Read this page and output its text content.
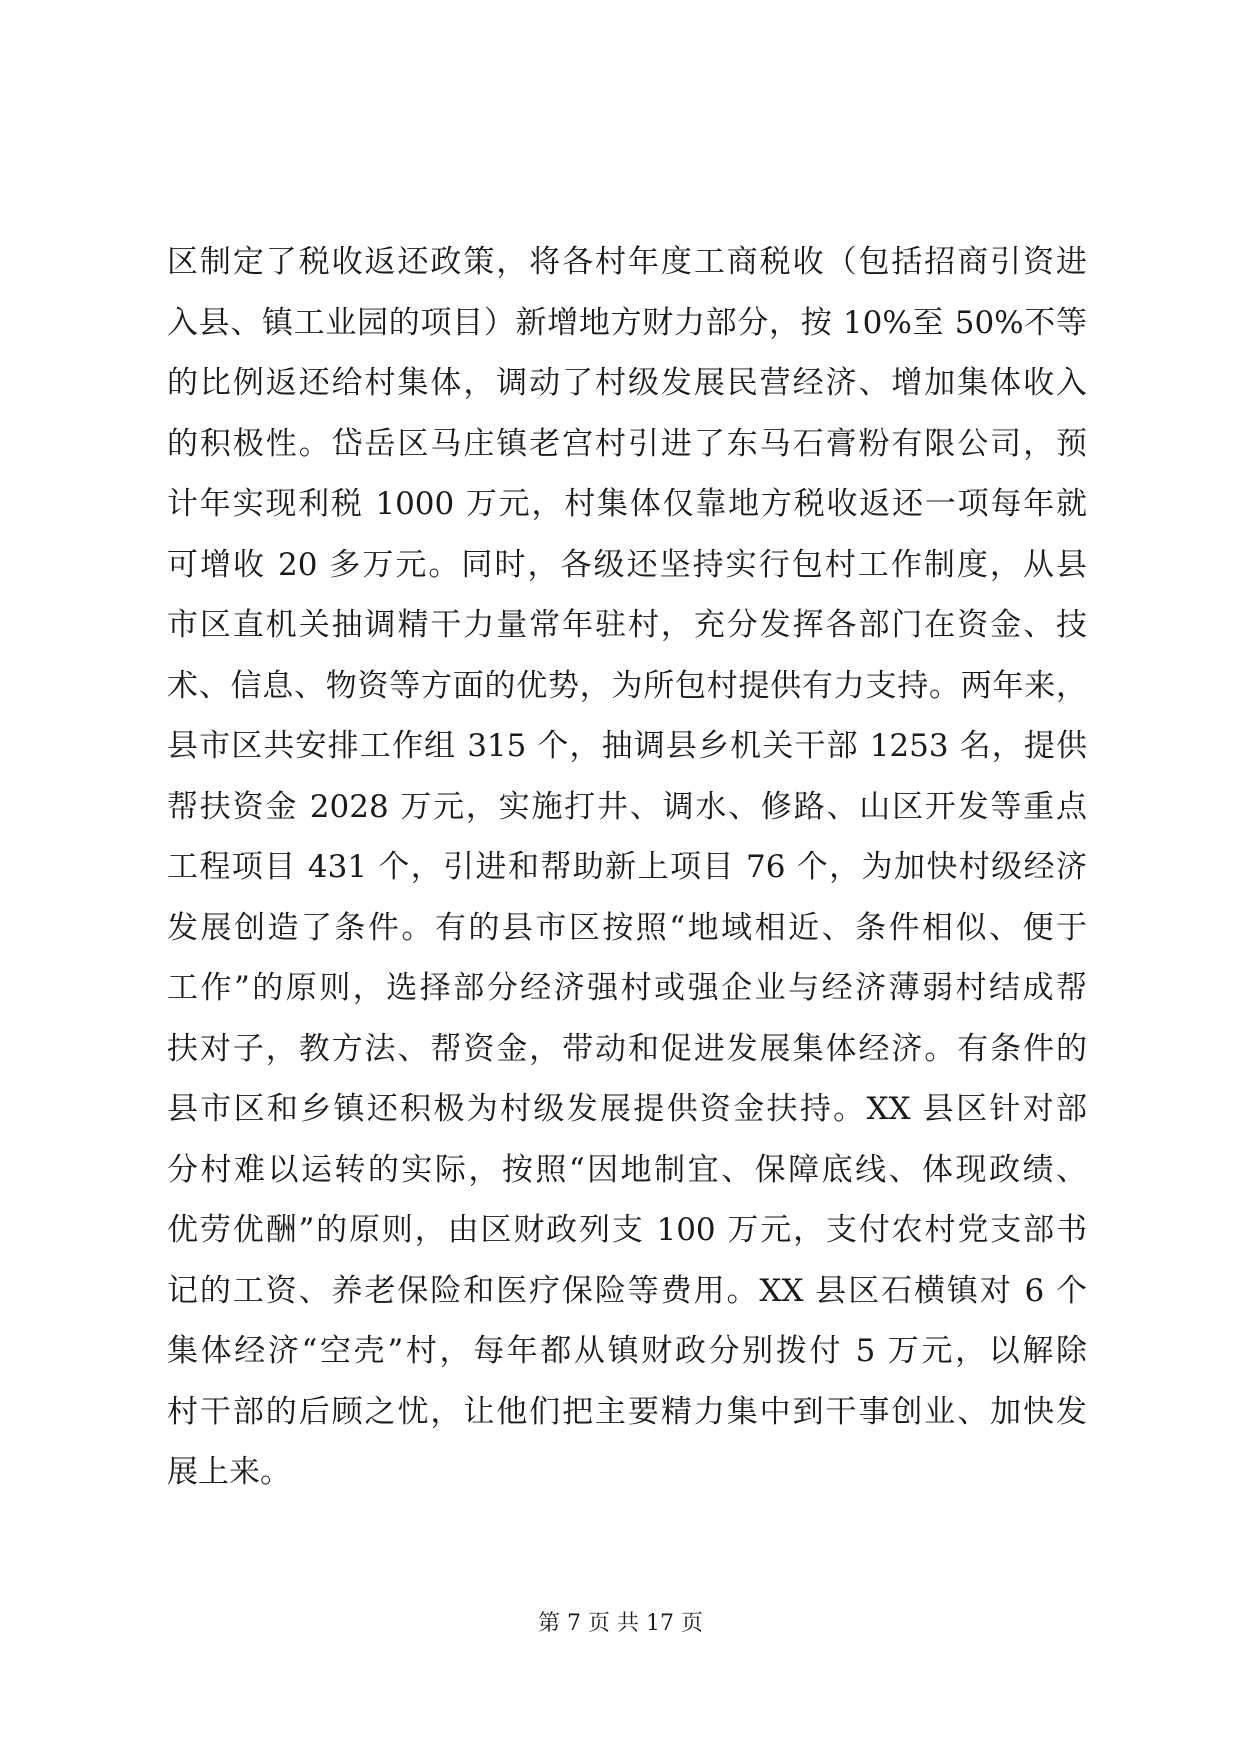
区制定了税收返还政策，将各村年度工商税收（包括招商引资进
入县、镇工业园的项目）新增地方财力部分，按 10%至 50%不等
的比例返还给村集体，调动了村级发展民营经济、增加集体收入
的积极性。岱岳区马庄镇老宫村引进了东马石膏粉有限公司，预
计年实现利税 1000 万元，村集体仅靠地方税收返还一项每年就
可增收 20 多万元。同时，各级还坚持实行包村工作制度，从县
市区直机关抽调精干力量常年驻村，充分发挥各部门在资金、技
术、信息、物资等方面的优势，为所包村提供有力支持。两年来，
县市区共安排工作组 315 个，抽调县乡机关干部 1253 名，提供
帮扶资金 2028 万元，实施打井、调水、修路、山区开发等重点
工程项目 431 个，引进和帮助新上项目 76 个，为加快村级经济
发展创造了条件。有的县市区按照“地域相近、条件相似、便于
工作”的原则，选择部分经济强村或强企业与经济薄弱村结成帮
扶对子，教方法、帮资金，带动和促进发展集体经济。有条件的
县市区和乡镇还积极为村级发展提供资金扶持。XX 县区针对部
分村难以运转的实际，按照“因地制宜、保障底线、体现政绩、
优劳优酬”的原则，由区财政列支 100 万元，支付农村党支部书
记的工资、养老保险和医疗保险等费用。XX 县区石横镇对 6 个
集体经济“空壳”村，每年都从镇财政分别拨付 5 万元，以解除
村干部的后顾之忧，让他们把主要精力集中到干事创业、加快发
展上来。
第 7 页 共 17 页
